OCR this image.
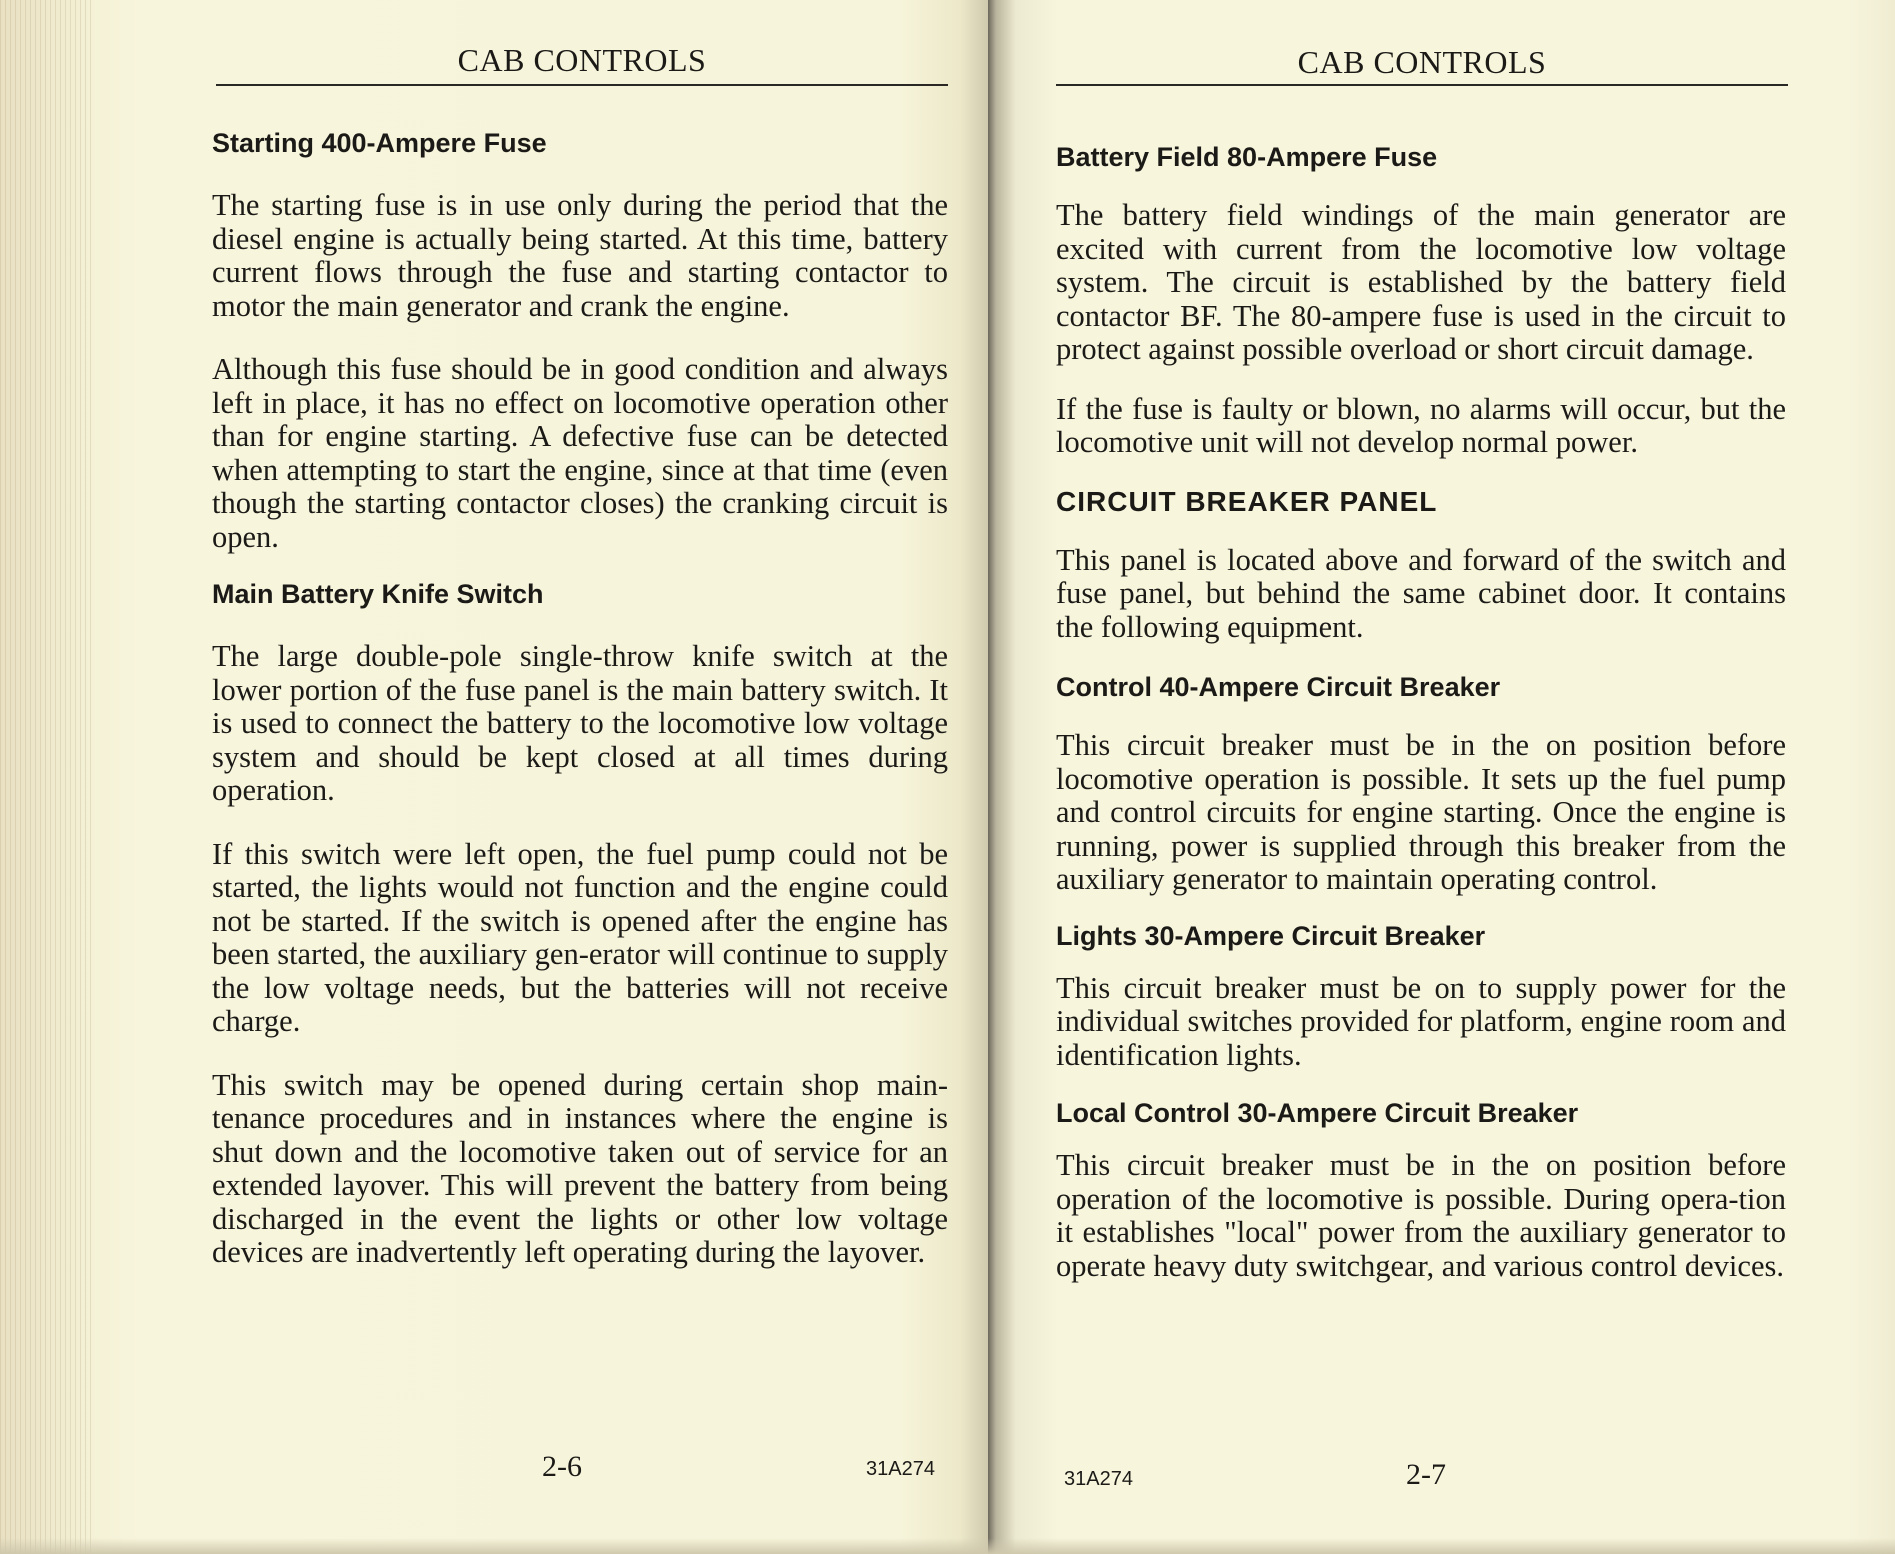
CAB CONTROLS
Starting 400-Ampere Fuse

The starting fuse is in use only during the period that the diesel engine is actually being started. At this time, battery current flows through the fuse and starting contactor to motor the main generator and crank the engine.

Although this fuse should be in good condition and always left in place, it has no effect on locomotive operation other than for engine starting. A defective fuse can be detected when attempting to start the engine, since at that time (even though the starting contactor closes) the cranking circuit is open.

Main Battery Knife Switch

The large double-pole single-throw knife switch at the lower portion of the fuse panel is the main battery switch. It is used to connect the battery to the locomotive low voltage system and should be kept closed at all times during operation.

If this switch were left open, the fuel pump could not be started, the lights would not function and the engine could not be started. If the switch is opened after the engine has been started, the auxiliary gen-erator will continue to supply the low voltage needs, but the batteries will not receive charge.

This switch may be opened during certain shop main-tenance procedures and in instances where the engine is shut down and the locomotive taken out of service for an extended layover. This will prevent the battery from being discharged in the event the lights or other low voltage devices are inadvertently left operating during the layover.

2-6	31A274
CAB CONTROLS
Battery Field 80-Ampere Fuse

The battery field windings of the main generator are excited with current from the locomotive low voltage system. The circuit is established by the battery field contactor BF. The 80-ampere fuse is used in the circuit to protect against possible overload or short circuit damage.

If the fuse is faulty or blown, no alarms will occur, but the locomotive unit will not develop normal power.

CIRCUIT BREAKER PANEL

This panel is located above and forward of the switch and fuse panel, but behind the same cabinet door. It contains the following equipment.

Control 40-Ampere Circuit Breaker

This circuit breaker must be in the on position before locomotive operation is possible. It sets up the fuel pump and control circuits for engine starting. Once the engine is running, power is supplied through this breaker from the auxiliary generator to maintain operating control.

Lights 30-Ampere Circuit Breaker

This circuit breaker must be on to supply power for the individual switches provided for platform, engine room and identification lights.

Local Control 30-Ampere Circuit Breaker

This circuit breaker must be in the on position before operation of the locomotive is possible. During opera-tion it establishes "local" power from the auxiliary generator to operate heavy duty switchgear, and various control devices.

31A274	2-7
